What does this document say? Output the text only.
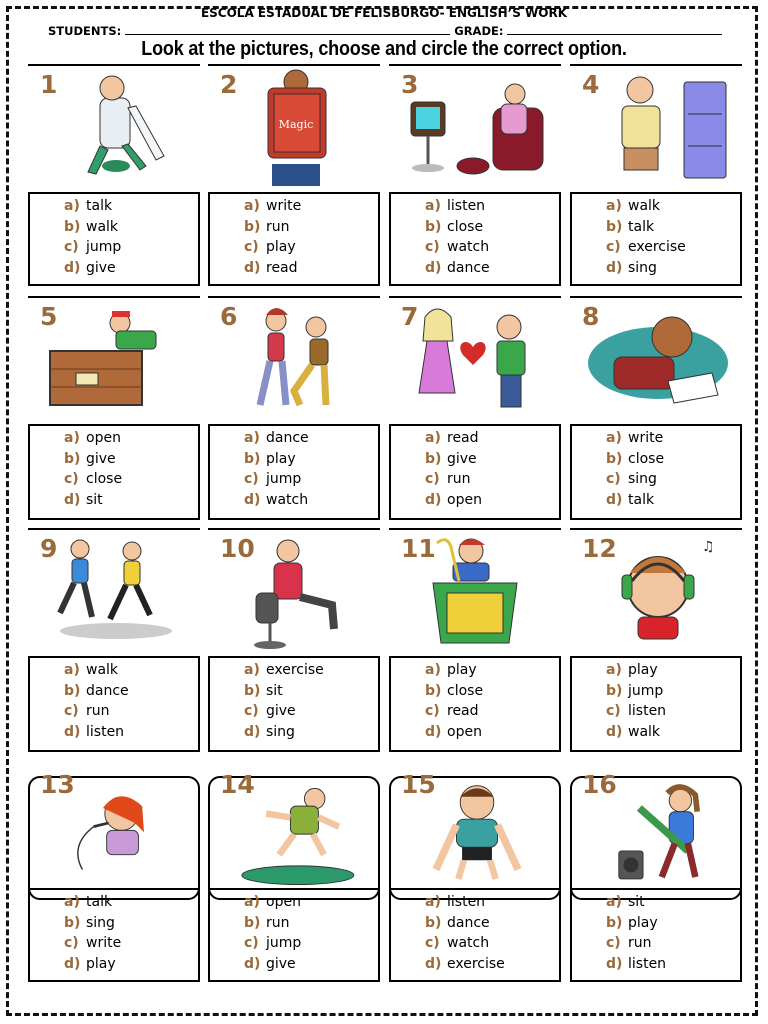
ESCOLA ESTADUAL DE FELISBURGO- ENGLISH’S WORK
STUDENTS:	GRADE:
Look at the pictures, choose and circle the correct option.
1
a) talk
b) walk
c) jump
d) give
2
Magic
a) write
b) run
c) play
d) read
3
a) listen
b) close
c) watch
d) dance
4
a) walk
b) talk
c) exercise
d) sing
5
a) open
b) give
c) close
d) sit
6
a) dance
b) play
c) jump
d) watch
7
a) read
b) give
c) run
d) open
8
a) write
b) close
c) sing
d) talk
9
a) walk
b) dance
c) run
d) listen
10
a) exercise
b) sit
c) give
d) sing
11
a) play
b) close
c) read
d) open
12	♫
a) play
b) jump
c) listen
d) walk
13
a) talk
b) sing
c) write
d) play
14
a) open
b) run
c) jump
d) give
15
a) listen
b) dance
c) watch
d) exercise
16
a) sit
b) play
c) run
d) listen
